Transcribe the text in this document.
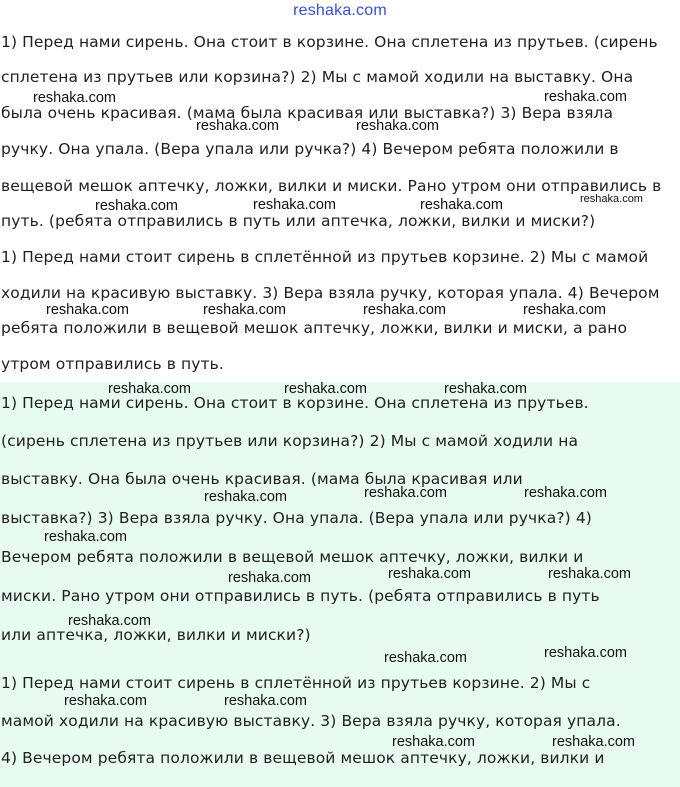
reshaka.com
1) Перед нами сирень. Она стоит в корзине. Она сплетена из прутьев. (сирень
сплетена из прутьев или корзина?) 2) Мы с мамой ходили на выставку. Она
была очень красивая. (мама была красивая или выставка?) 3) Вера взяла
ручку. Она упала. (Вера упала или ручка?) 4) Вечером ребята положили в
вещевой мешок аптечку, ложки, вилки и миски. Рано утром они отправились в
путь. (ребята отправились в путь или аптечка, ложки, вилки и миски?)
1) Перед нами стоит сирень в сплетённой из прутьев корзине. 2) Мы с мамой
ходили на красивую выставку. 3) Вера взяла ручку, которая упала. 4) Вечером
ребята положили в вещевой мешок аптечку, ложки, вилки и миски, а рано
утром отправились в путь.
1) Перед нами сирень. Она стоит в корзине. Она сплетена из прутьев.
(сирень сплетена из прутьев или корзина?) 2) Мы с мамой ходили на
выставку. Она была очень красивая. (мама была красивая или
выставка?) 3) Вера взяла ручку. Она упала. (Вера упала или ручка?) 4)
Вечером ребята положили в вещевой мешок аптечку, ложки, вилки и
миски. Рано утром они отправились в путь. (ребята отправились в путь
или аптечка, ложки, вилки и миски?)
1) Перед нами стоит сирень в сплетённой из прутьев корзине. 2) Мы с
мамой ходили на красивую выставку. 3) Вера взяла ручку, которая упала.
4) Вечером ребята положили в вещевой мешок аптечку, ложки, вилки и
reshaka.com	reshaka.com
reshaka.com	reshaka.com
reshaka.com	reshaka.com	reshaka.com	reshaka.com
reshaka.com	reshaka.com	reshaka.com	reshaka.com
reshaka.com	reshaka.com	reshaka.com
reshaka.com	reshaka.com
reshaka.com
reshaka.com
reshaka.com	reshaka.com
reshaka.com
reshaka.com
reshaka.com
reshaka.com
reshaka.com	reshaka.com
reshaka.com	reshaka.com
